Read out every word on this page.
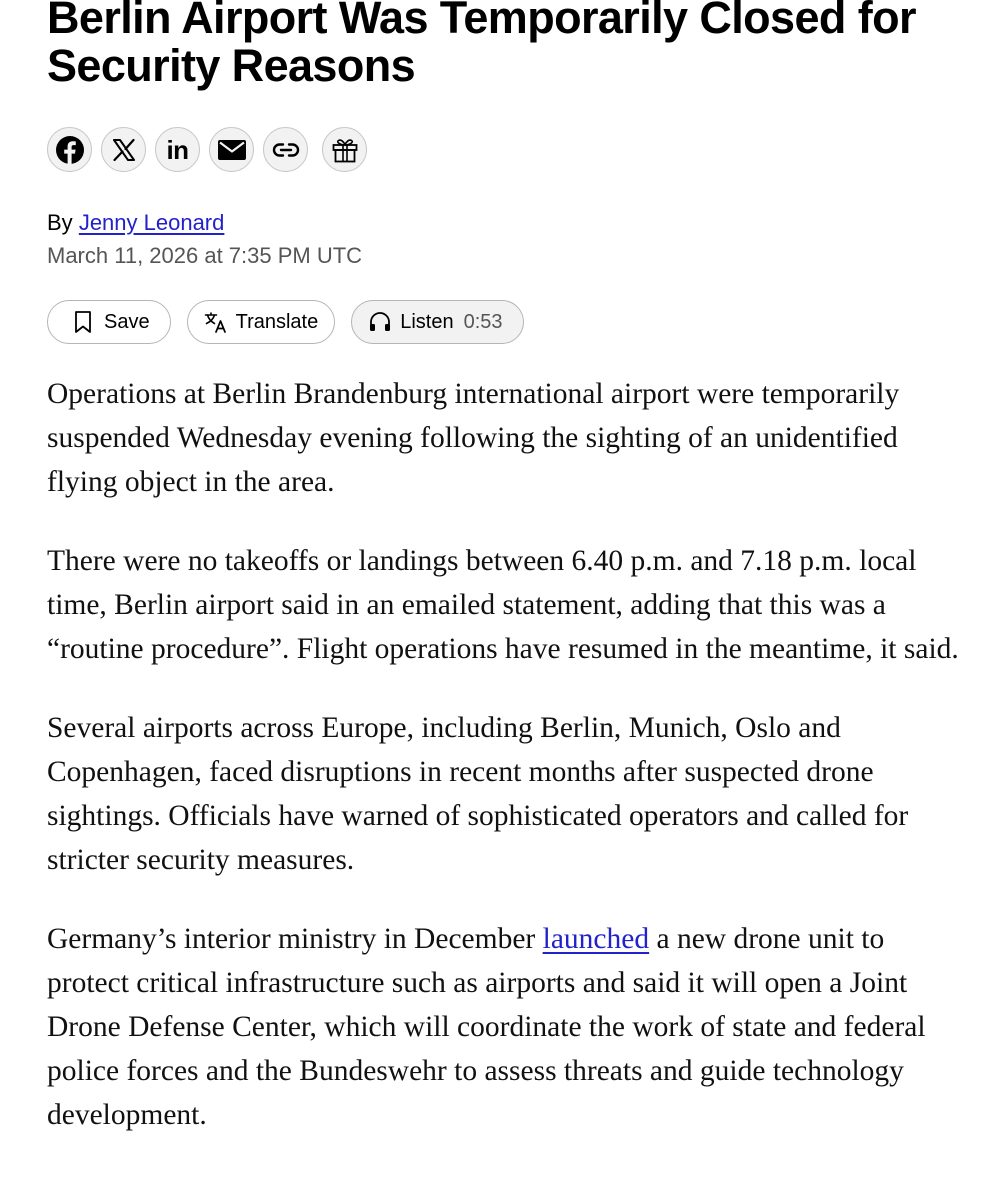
Berlin Airport Was Temporarily Closed for Security Reasons
in
By Jenny Leonard
March 11, 2026 at 7:35 PM UTC
Save	Translate	Listen 0:53

Operations at Berlin Brandenburg international airport were temporarily suspended Wednesday evening following the sighting of an unidentified flying object in the area.

There were no takeoffs or landings between 6.40 p.m. and 7.18 p.m. local time, Berlin airport said in an emailed statement, adding that this was a “routine procedure”. Flight operations have resumed in the meantime, it said.

Several airports across Europe, including Berlin, Munich, Oslo and Copenhagen, faced disruptions in recent months after suspected drone sightings. Officials have warned of sophisticated operators and called for stricter security measures.

Germany’s interior ministry in December launched a new drone unit to protect critical infrastructure such as airports and said it will open a Joint Drone Defense Center, which will coordinate the work of state and federal police forces and the Bundeswehr to assess threats and guide technology development.
